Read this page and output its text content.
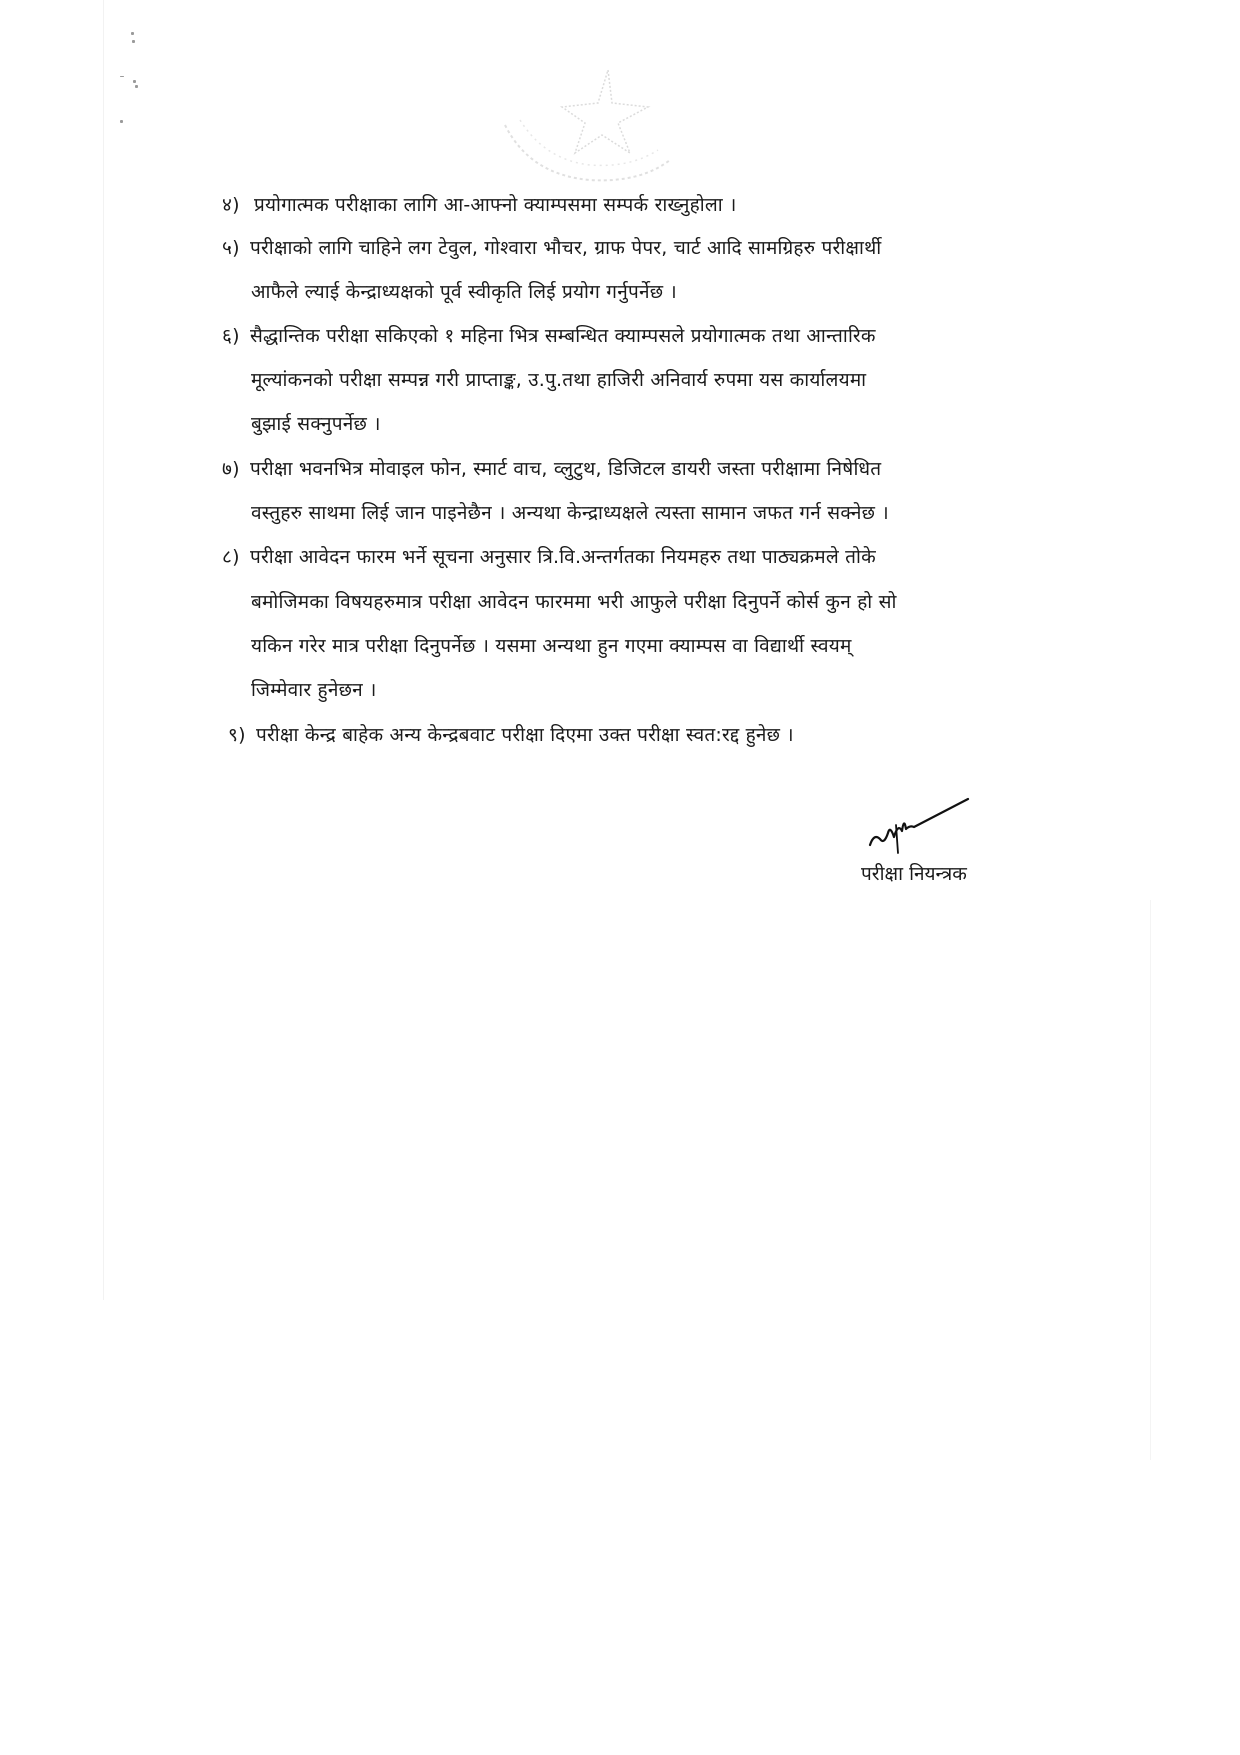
४) प्रयोगात्मक परीक्षाका लागि आ-आफ्नो क्याम्पसमा सम्पर्क राख्नुहोला ।
५) परीक्षाको लागि चाहिने लग टेवुल, गोश्वारा भौचर, ग्राफ पेपर, चार्ट आदि सामग्रिहरु परीक्षार्थी
आफैले ल्याई केन्द्राध्यक्षको पूर्व स्वीकृति लिई प्रयोग गर्नुपर्नेछ ।
६) सैद्धान्तिक परीक्षा सकिएको १ महिना भित्र सम्बन्धित क्याम्पसले प्रयोगात्मक तथा आन्तारिक
मूल्यांकनको परीक्षा सम्पन्न गरी प्राप्ताङ्क, उ.पु.तथा हाजिरी अनिवार्य रुपमा यस कार्यालयमा
बुझाई सक्नुपर्नेछ ।
७) परीक्षा भवनभित्र मोवाइल फोन, स्मार्ट वाच, व्लुटुथ, डिजिटल डायरी जस्ता परीक्षामा निषेधित
वस्तुहरु साथमा लिई जान पाइनेछैन । अन्यथा केन्द्राध्यक्षले त्यस्ता सामान जफत गर्न सक्नेछ ।
८) परीक्षा आवेदन फारम भर्ने सूचना अनुसार त्रि.वि.अन्तर्गतका नियमहरु तथा पाठ्यक्रमले तोके
बमोजिमका विषयहरुमात्र परीक्षा आवेदन फारममा भरी आफुले परीक्षा दिनुपर्ने कोर्स कुन हो सो
यकिन गरेर मात्र परीक्षा दिनुपर्नेछ । यसमा अन्यथा हुन गएमा क्याम्पस वा विद्यार्थी स्वयम्
जिम्मेवार हुनेछन ।
९) परीक्षा केन्द्र बाहेक अन्य केन्द्रबवाट परीक्षा दिएमा उक्त परीक्षा स्वत:रद्द हुनेछ ।
परीक्षा नियन्त्रक
